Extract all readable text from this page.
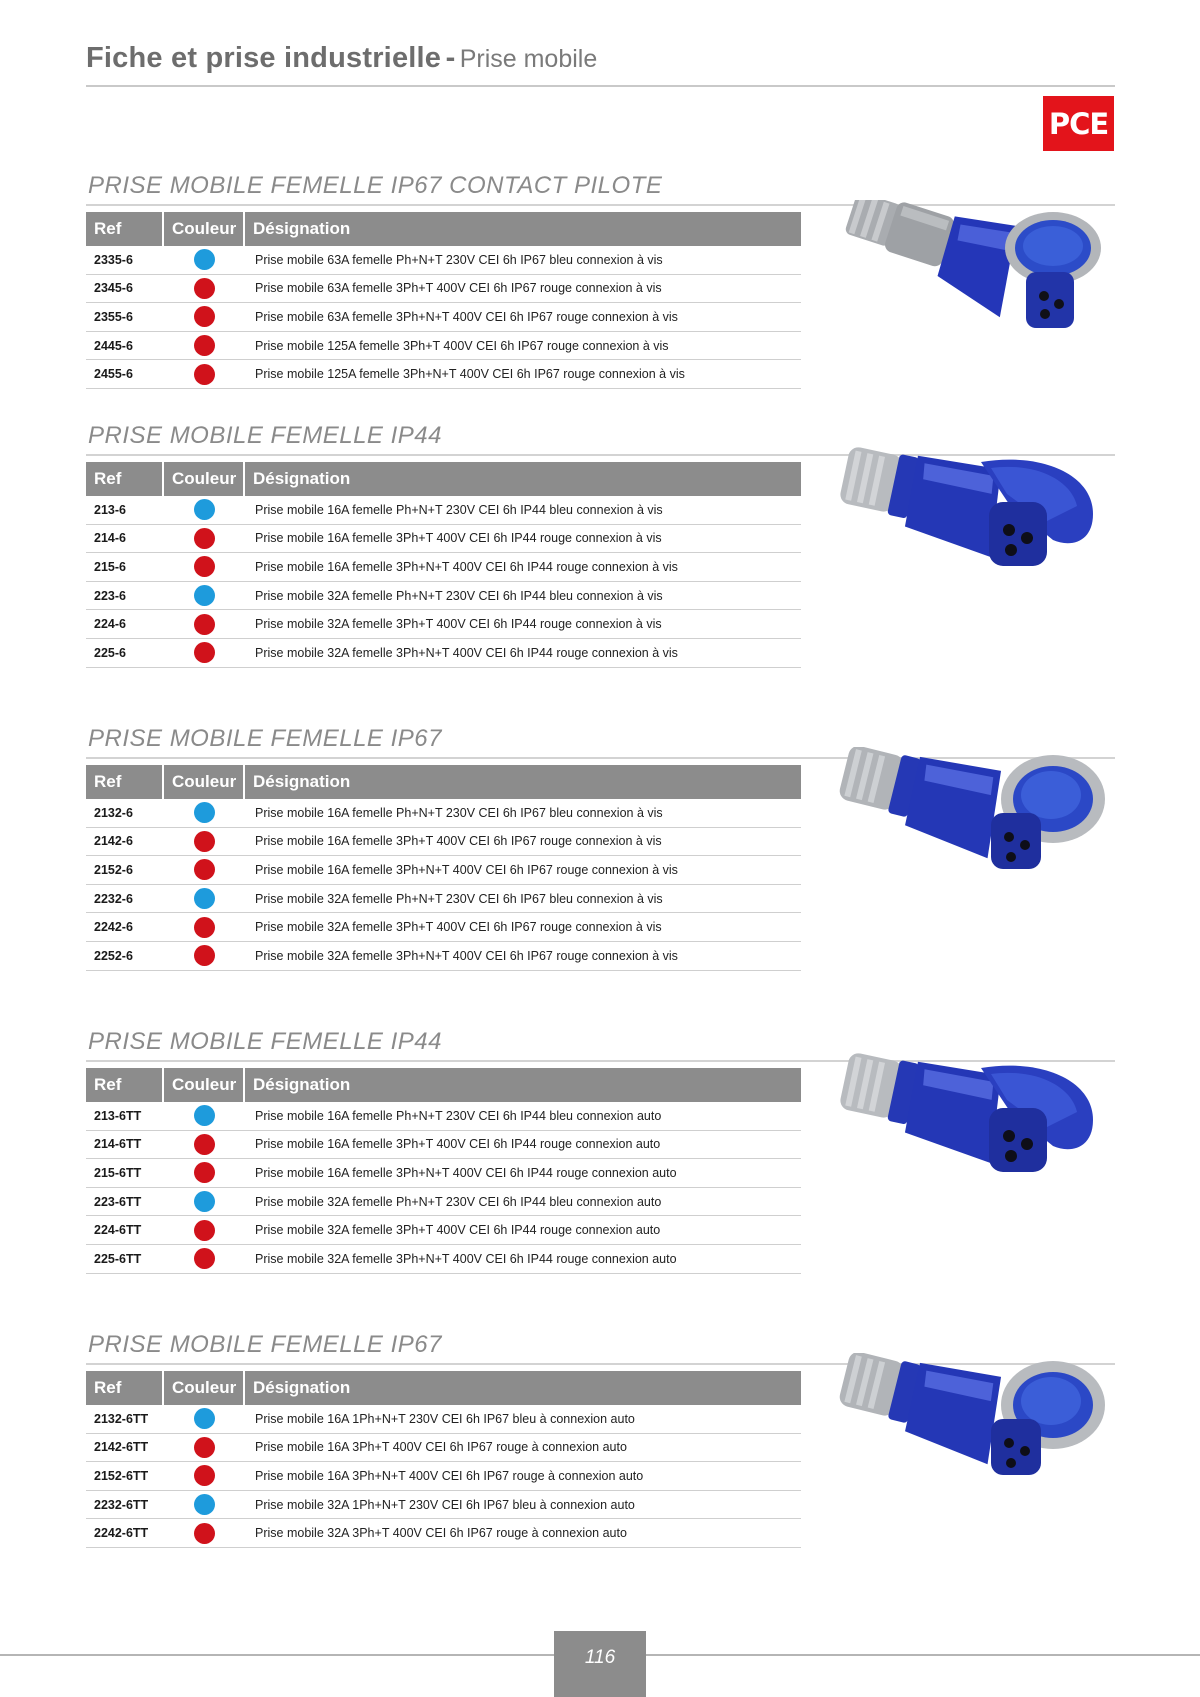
Fiche et prise industrielle - Prise mobile
PCE
PRISE MOBILE FEMELLE IP67 CONTACT PILOTE
Ref	Couleur Désignation
2335-6	Prise mobile 63A femelle Ph+N+T 230V CEI 6h IP67 bleu connexion à vis
2345-6	Prise mobile 63A femelle 3Ph+T 400V CEI 6h IP67 rouge connexion à vis
2355-6	Prise mobile 63A femelle 3Ph+N+T 400V CEI 6h IP67 rouge connexion à vis
2445-6	Prise mobile 125A femelle 3Ph+T 400V CEI 6h IP67 rouge connexion à vis
2455-6	Prise mobile 125A femelle 3Ph+N+T 400V CEI 6h IP67 rouge connexion à vis
PRISE MOBILE FEMELLE IP44
Ref	Couleur Désignation
213-6	Prise mobile 16A femelle Ph+N+T 230V CEI 6h IP44 bleu connexion à vis
214-6	Prise mobile 16A femelle 3Ph+T 400V CEI 6h IP44 rouge connexion à vis
215-6	Prise mobile 16A femelle 3Ph+N+T 400V CEI 6h IP44 rouge connexion à vis
223-6	Prise mobile 32A femelle Ph+N+T 230V CEI 6h IP44 bleu connexion à vis
224-6	Prise mobile 32A femelle 3Ph+T 400V CEI 6h IP44 rouge connexion à vis
225-6	Prise mobile 32A femelle 3Ph+N+T 400V CEI 6h IP44 rouge connexion à vis
PRISE MOBILE FEMELLE IP67
Ref	Couleur Désignation
2132-6	Prise mobile 16A femelle Ph+N+T 230V CEI 6h IP67 bleu connexion à vis
2142-6	Prise mobile 16A femelle 3Ph+T 400V CEI 6h IP67 rouge connexion à vis
2152-6	Prise mobile 16A femelle 3Ph+N+T 400V CEI 6h IP67 rouge connexion à vis
2232-6	Prise mobile 32A femelle Ph+N+T 230V CEI 6h IP67 bleu connexion à vis
2242-6	Prise mobile 32A femelle 3Ph+T 400V CEI 6h IP67 rouge connexion à vis
2252-6	Prise mobile 32A femelle 3Ph+N+T 400V CEI 6h IP67 rouge connexion à vis
PRISE MOBILE FEMELLE IP44
Ref	Couleur Désignation
213-6TT	Prise mobile 16A femelle Ph+N+T 230V CEI 6h IP44 bleu connexion auto
214-6TT	Prise mobile 16A femelle 3Ph+T 400V CEI 6h IP44 rouge connexion auto
215-6TT	Prise mobile 16A femelle 3Ph+N+T 400V CEI 6h IP44 rouge connexion auto
223-6TT	Prise mobile 32A femelle Ph+N+T 230V CEI 6h IP44 bleu connexion auto
224-6TT	Prise mobile 32A femelle 3Ph+T 400V CEI 6h IP44 rouge connexion auto
225-6TT	Prise mobile 32A femelle 3Ph+N+T 400V CEI 6h IP44 rouge connexion auto
PRISE MOBILE FEMELLE IP67
Ref	Couleur Désignation
2132-6TT	Prise mobile 16A 1Ph+N+T 230V CEI 6h IP67 bleu à connexion auto
2142-6TT	Prise mobile 16A 3Ph+T 400V CEI 6h IP67 rouge à connexion auto
2152-6TT	Prise mobile 16A 3Ph+N+T 400V CEI 6h IP67 rouge à connexion auto
2232-6TT	Prise mobile 32A 1Ph+N+T 230V CEI 6h IP67 bleu à connexion auto
2242-6TT	Prise mobile 32A 3Ph+T 400V CEI 6h IP67 rouge à connexion auto
116
